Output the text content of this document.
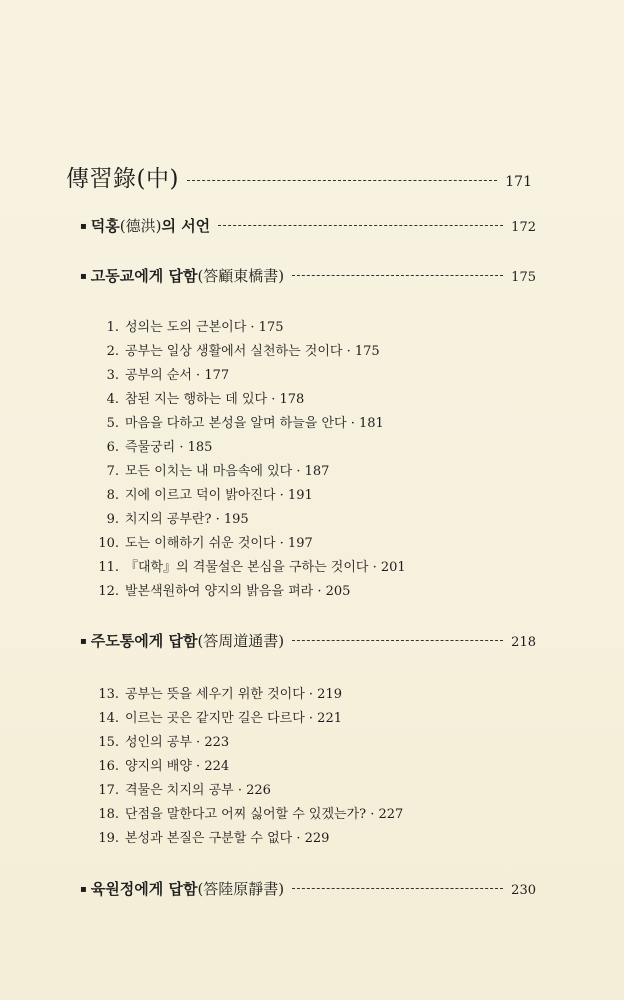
傳習錄(中)	171
▪ 덕홍(德洪)의 서언	172
▪ 고동교에게 답함(答顧東橋書)	175
1. 성의는 도의 근본이다 · 175
2. 공부는 일상 생활에서 실천하는 것이다 · 175
3. 공부의 순서 · 177
4. 참된 지는 행하는 데 있다 · 178
5. 마음을 다하고 본성을 알며 하늘을 안다 · 181
6. 즉물궁리 · 185
7. 모든 이치는 내 마음속에 있다 · 187
8. 지에 이르고 덕이 밝아진다 · 191
9. 치지의 공부란? · 195
10. 도는 이해하기 쉬운 것이다 · 197
11. 『대학』의 격물설은 본심을 구하는 것이다 · 201
12. 발본색원하여 양지의 밝음을 펴라 · 205
▪ 주도통에게 답함(答周道通書)	218
13. 공부는 뜻을 세우기 위한 것이다 · 219
14. 이르는 곳은 같지만 길은 다르다 · 221
15. 성인의 공부 · 223
16. 양지의 배양 · 224
17. 격물은 치지의 공부 · 226
18. 단점을 말한다고 어찌 싫어할 수 있겠는가? · 227
19. 본성과 본질은 구분할 수 없다 · 229
▪ 육원정에게 답함(答陸原靜書)	230
